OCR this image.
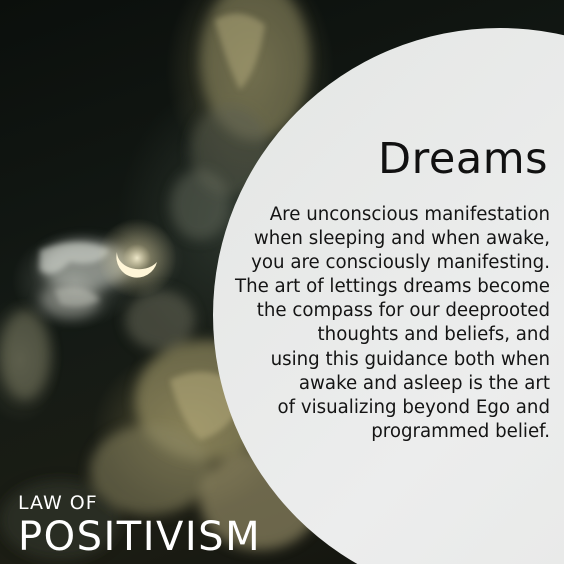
Dreams

Are unconscious manifestation
when sleeping and when awake,
you are consciously manifesting.
The art of lettings dreams become
the compass for our deeprooted
thoughts and beliefs, and
using this guidance both when
awake and asleep is the art
of visualizing beyond Ego and
programmed belief.

LAW OF
POSITIVISM
